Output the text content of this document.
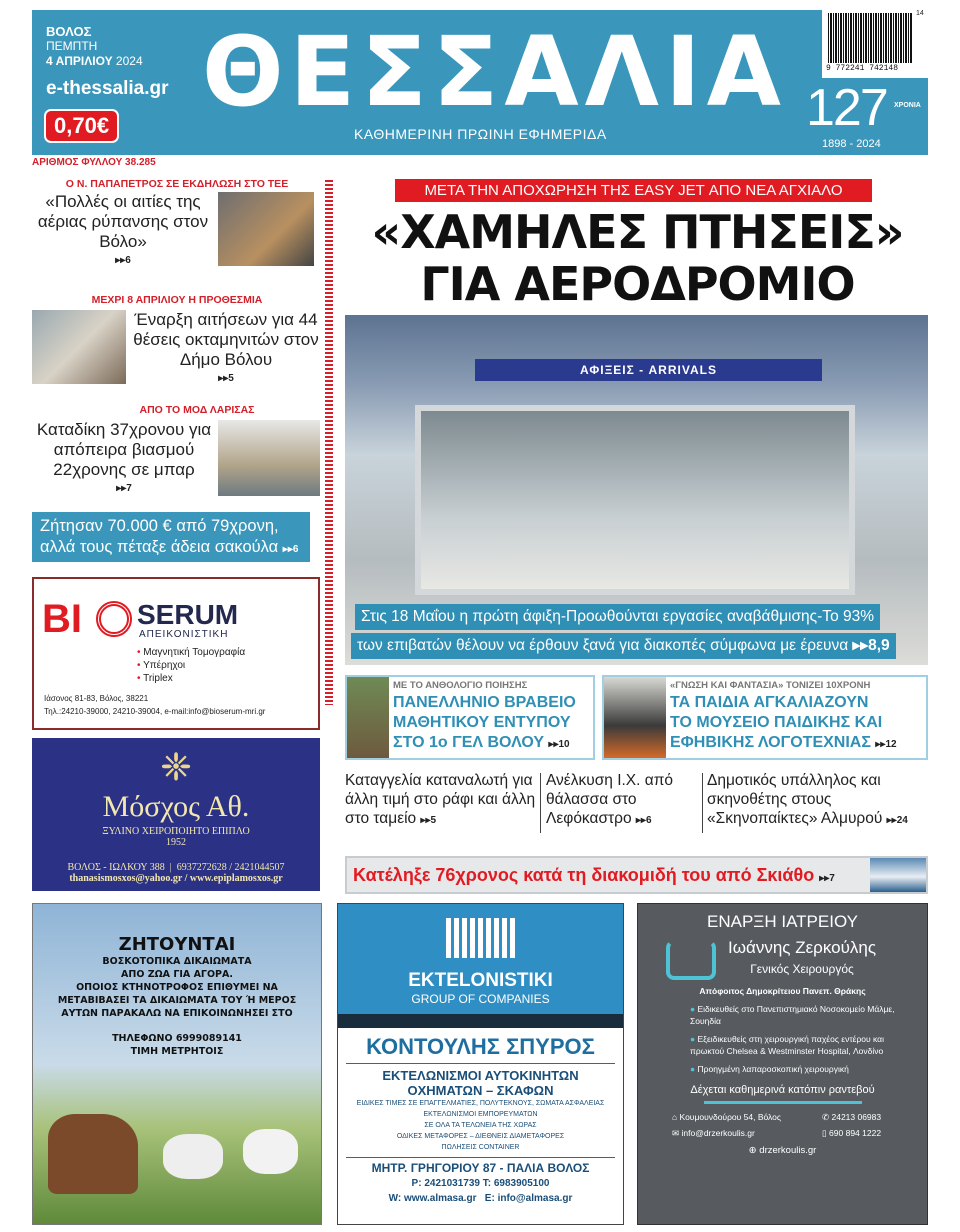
ΒΟΛΟΣ
ΠΕΜΠΤΗ
4 ΑΠΡΙΛΙΟΥ 2024
e-thessalia.gr
0,70€ ΘΕΣΣΑΛΙΑ
ΚΑΘΗΜΕΡΙΝΗ ΠΡΩΙΝΗ ΕΦΗΜΕΡΙΔΑ
14
9 772241 742148
127 ΧΡΟΝΙΑ
1898 - 2024
ΑΡΙΘΜΟΣ ΦΥΛΛΟΥ 38.285
Ο Ν. ΠΑΠΑΠΕΤΡΟΣ ΣΕ ΕΚΔΗΛΩΣΗ ΣΤΟ ΤΕΕ
«Πολλές οι αιτίες της αέριας ρύπανσης στον Βόλο»
▸▸6
ΜΕΧΡΙ 8 ΑΠΡΙΛΙΟΥ Η ΠΡΟΘΕΣΜΙΑ
Έναρξη αιτήσεων για 44 θέσεις οκταμηνιτών στον Δήμο Βόλου
▸▸5
ΑΠΟ ΤΟ ΜΟΔ ΛΑΡΙΣΑΣ
Καταδίκη 37χρονου για απόπειρα βιασμού 22χρονης σε μπαρ
▸▸7
Ζήτησαν 70.000 € από 79χρονη, αλλά τους πέταξε άδεια σακούλα ▸▸6
BI SERUM
ΑΠΕΙΚΟΝΙΣΤΙΚΗ
• Μαγνητική Τομογραφία
• Υπέρηχοι
• Triplex
Ιάσονος 81-83, Βόλος, 38221
Τηλ.:24210-39000, 24210-39004, e-mail:info@bioserum-mri.gr
❈
Μόσχος Αθ.
ΞΥΛΙΝΟ ΧΕΙΡΟΠΟΙΗΤΟ ΕΠΙΠΛΟ
1952
ΒΟΛΟΣ - ΙΩΛΚΟΥ 388  |  6937272628 / 2421044507
thanasismosxos@yahoo.gr / www.epiplamosxos.gr
ΜΕΤΑ ΤΗΝ ΑΠΟΧΩΡΗΣΗ ΤΗΣ EASY JET ΑΠΟ ΝΕΑ ΑΓΧΙΑΛΟ
«ΧΑΜΗΛΕΣ ΠΤΗΣΕΙΣ»
ΓΙΑ ΑΕΡΟΔΡΟΜΙΟ
ΑΦΙΞΕΙΣ - ARRIVALS
Στις 18 Μαΐου η πρώτη άφιξη-Προωθούνται εργασίες αναβάθμισης-Το 93%
των επιβατών θέλουν να έρθουν ξανά για διακοπές σύμφωνα με έρευνα ▸▸8,9
ΜΕ ΤΟ ΑΝΘΟΛΟΓΙΟ ΠΟΙΗΣΗΣ
ΠΑΝΕΛΛΗΝΙΟ ΒΡΑΒΕΙΟ
ΜΑΘΗΤΙΚΟΥ ΕΝΤΥΠΟΥ
ΣΤΟ 1ο ΓΕΛ ΒΟΛΟΥ ▸▸10
«ΓΝΩΣΗ ΚΑΙ ΦΑΝΤΑΣΙΑ» ΤΟΝΙΖΕΙ 10ΧΡΟΝΗ
ΤΑ ΠΑΙΔΙΑ ΑΓΚΑΛΙΑΖΟΥΝ
ΤΟ ΜΟΥΣΕΙΟ ΠΑΙΔΙΚΗΣ ΚΑΙ
ΕΦΗΒΙΚΗΣ ΛΟΓΟΤΕΧΝΙΑΣ ▸▸12
Καταγγελία καταναλωτή για άλλη τιμή στο ράφι και άλλη στο ταμείο ▸▸5
Ανέλκυση Ι.Χ. από θάλασσα στο Λεφόκαστρο ▸▸6
Δημοτικός υπάλληλος και σκηνοθέτης στους «Σκηνοπαίκτες» Αλμυρού ▸▸24
Κατέληξε 76χρονος κατά τη διακομιδή του από Σκιάθο ▸▸7
ΖΗΤΟΥΝΤΑΙ
ΒΟΣΚΟΤΟΠΙΚΑ ΔΙΚΑΙΩΜΑΤΑ
ΑΠΟ ΖΩΑ ΓΙΑ ΑΓΟΡΑ.
ΟΠΟΙΟΣ ΚΤΗΝΟΤΡΟΦΟΣ ΕΠΙΘΥΜΕΙ ΝΑ
ΜΕΤΑΒΙΒΑΣΕΙ ΤΑ ΔΙΚΑΙΩΜΑΤΑ ΤΟΥ Ή ΜΕΡΟΣ
ΑΥΤΩΝ ΠΑΡΑΚΑΛΩ ΝΑ ΕΠΙΚΟΙΝΩΝΗΣΕΙ ΣΤΟ
ΤΗΛΕΦΩΝΟ 6999089141
ΤΙΜΗ ΜΕΤΡΗΤΟΙΣ
EKTELONISTIKI
GROUP OF COMPANIES
ΚΟΝΤΟΥΛΗΣ ΣΠΥΡΟΣ
ΕΚΤΕΛΩΝΙΣΜΟΙ ΑΥΤΟΚΙΝΗΤΩΝ
ΟΧΗΜΑΤΩΝ – ΣΚΑΦΩΝ
ΕΙΔΙΚΕΣ ΤΙΜΕΣ ΣΕ ΕΠΑΓΓΕΛΜΑΤΙΕΣ, ΠΟΛΥΤΕΚΝΟΥΣ, ΣΩΜΑΤΑ ΑΣΦΑΛΕΙΑΣ
ΕΚΤΕΛΩΝΙΣΜΟΙ ΕΜΠΟΡΕΥΜΑΤΩΝ
ΣΕ ΟΛΑ ΤΑ ΤΕΛΩΝΕΙΑ ΤΗΣ ΧΩΡΑΣ
ΟΔΙΚΕΣ ΜΕΤΑΦΟΡΕΣ – ΔΙΕΘΝΕΙΣ ΔΙΑΜΕΤΑΦΟΡΕΣ
ΠΩΛΗΣΕΙΣ CONTAINER
ΜΗΤΡ. ΓΡΗΓΟΡΙΟΥ 87 - ΠΑΛΙΑ ΒΟΛΟΣ
P: 2421031739 T: 6983905100
W: www.almasa.gr   E: info@almasa.gr
ΕΝΑΡΞΗ ΙΑΤΡΕΙΟΥ
Ιωάννης Ζερκούλης
Γενικός Χειρουργός
Απόφοιτος Δημοκρίτειου Πανεπ. Θράκης
● Ειδικευθείς στο Πανεπιστημιακό Νοσοκομείο Μάλμε, Σουηδία
● Εξειδικευθείς στη χειρουργική παχέος εντέρου και πρωκτού Chelsea & Westminster Hospital, Λονδίνο
● Προηγμένη λαπαροσκοπική χειρουργική
Δέχεται καθημερινά κατόπιν ραντεβού
⌂ Κουμουνδούρου 54, Βόλος	✆ 24213 06983
✉ info@drzerkoulis.gr	▯ 690 894 1222
⊕ drzerkoulis.gr
